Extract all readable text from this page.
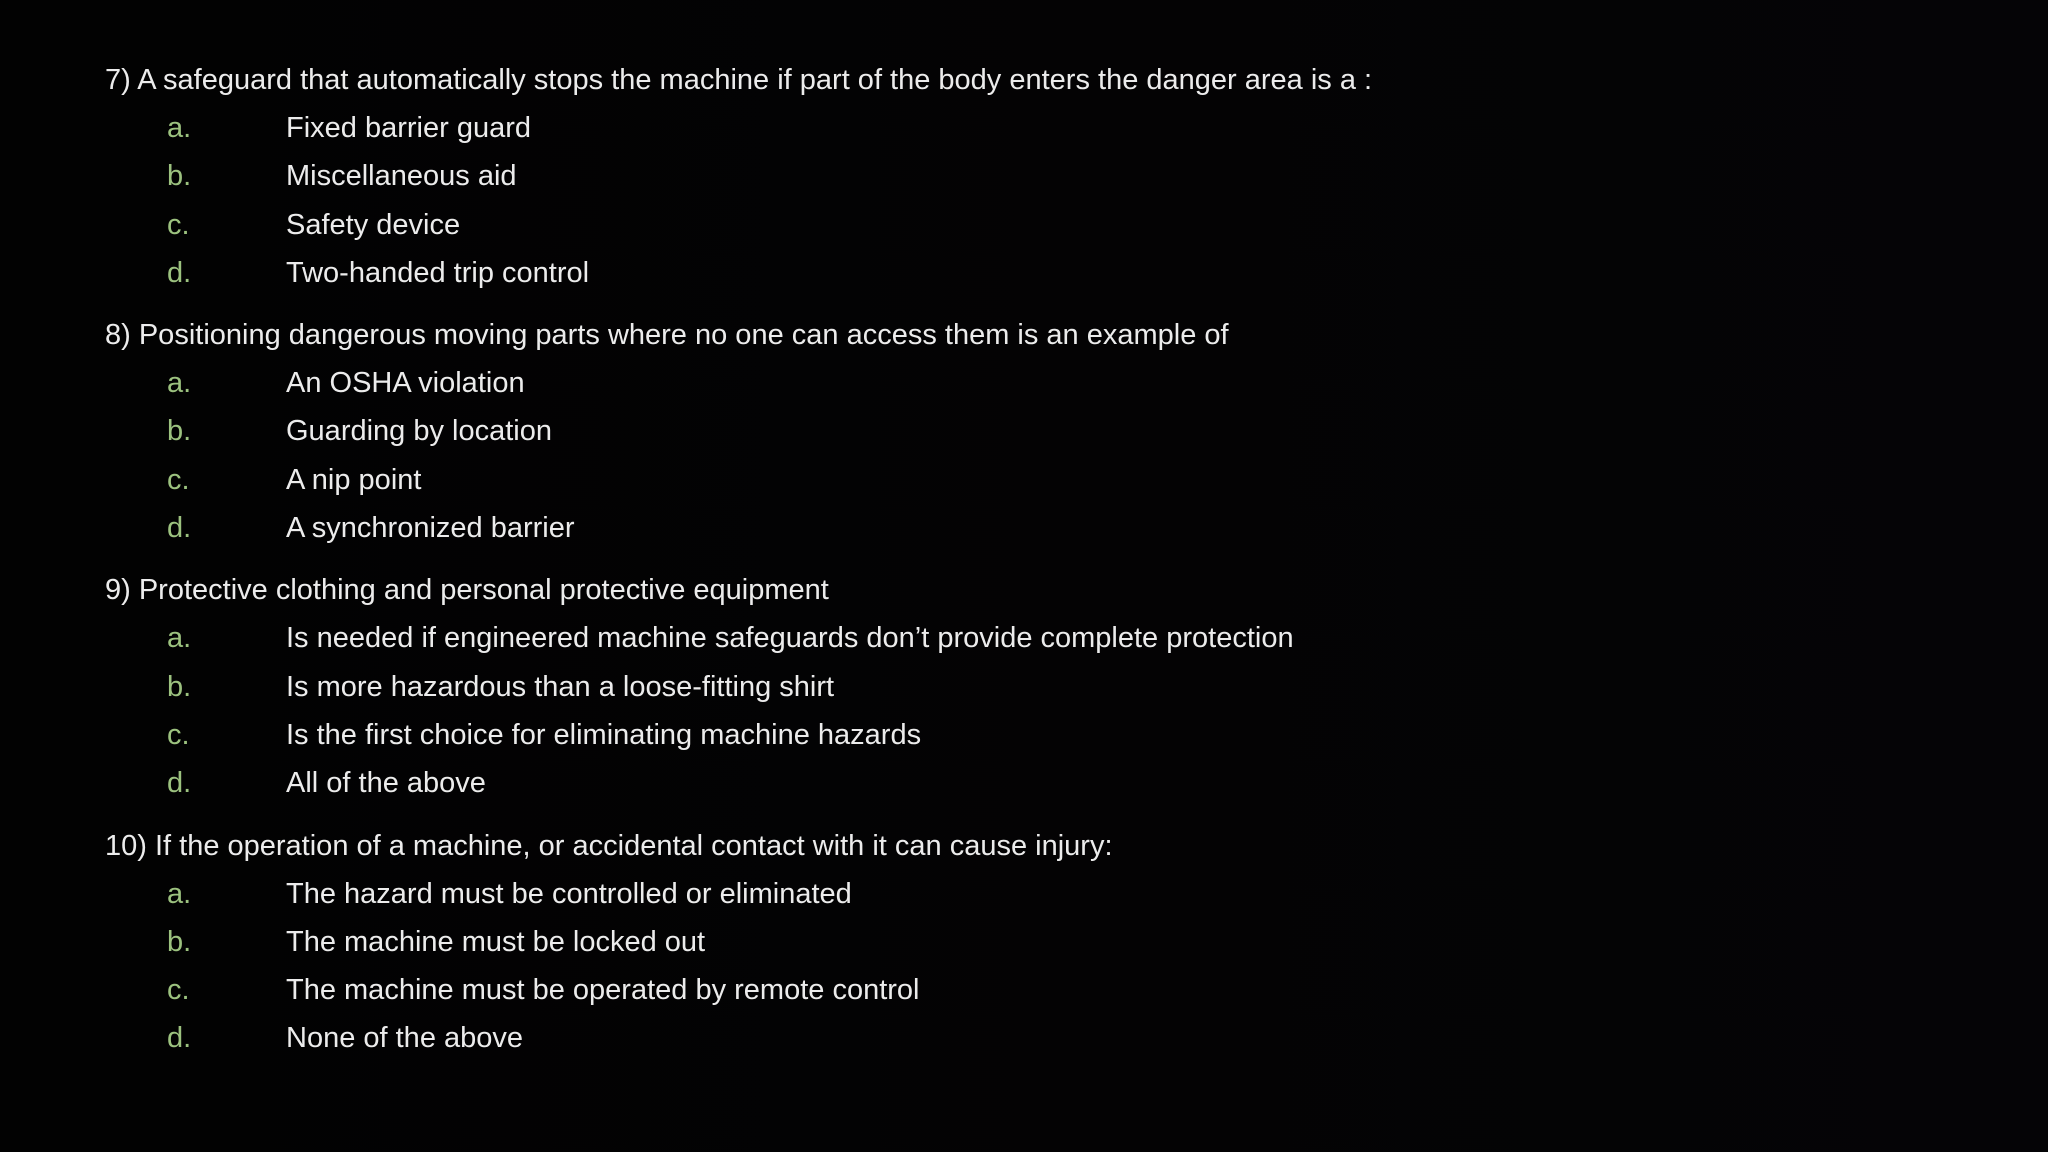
7) A safeguard that automatically stops the machine if part of the body enters the danger area is a :
a.	Fixed barrier guard
b.	Miscellaneous aid
c.	Safety device
d.	Two-handed trip control
8) Positioning dangerous moving parts where no one can access them is an example of
a.	An OSHA violation
b.	Guarding by location
c.	A nip point
d.	A synchronized barrier
9) Protective clothing and personal protective equipment
a.	Is needed if engineered machine safeguards don’t provide complete protection
b.	Is more hazardous than a loose-fitting shirt
c.	Is the first choice for eliminating machine hazards
d.	All of the above
10) If the operation of a machine, or accidental contact with it can cause injury:
a.	The hazard must be controlled or eliminated
b.	The machine must be locked out
c.	The machine must be operated by remote control
d.	None of the above
